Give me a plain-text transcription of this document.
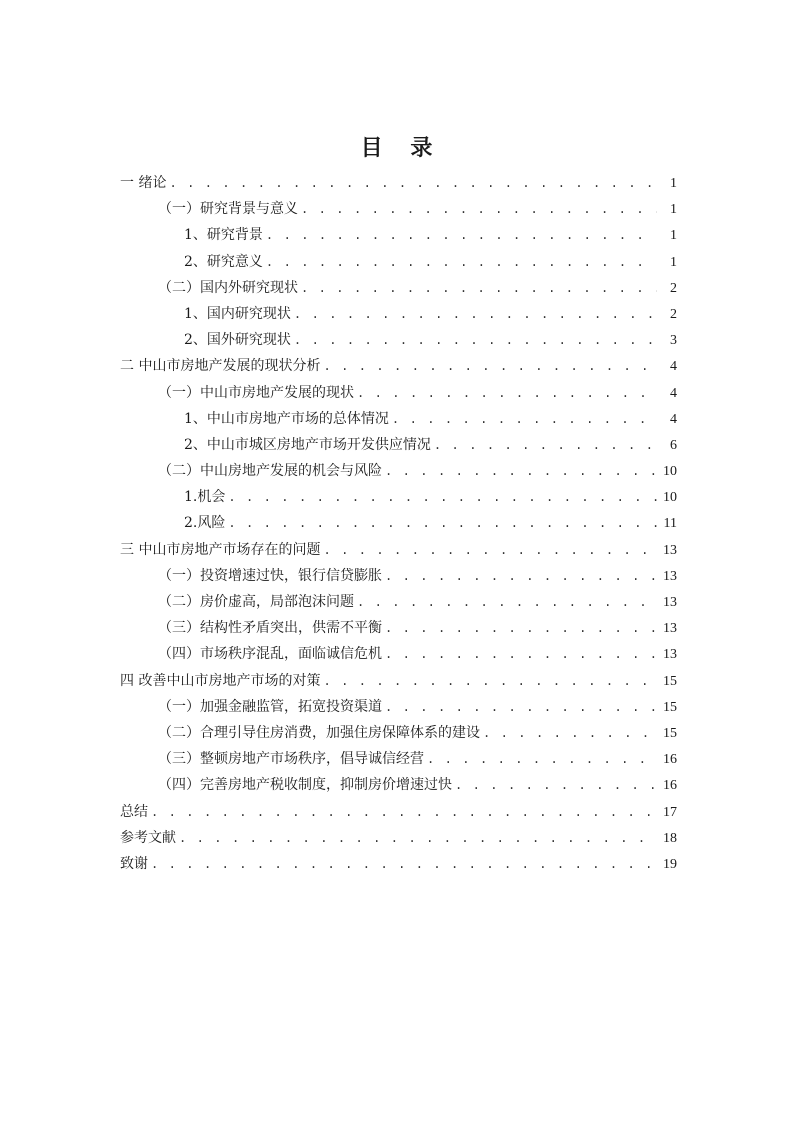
目 录
一 绪论 . . .	1
（一）研究背景与意义 . . .	1
1、研究背景 . . .	1
2、研究意义 . . .	1
（二）国内外研究现状 . . .	2
1、国内研究现状 . . .	2
2、国外研究现状 . . .	3
二 中山市房地产发展的现状分析 . . .	4
（一）中山市房地产发展的现状 . . .	4
1、中山市房地产市场的总体情况 . . .	4
2、中山市城区房地产市场开发供应情况 . . .	6
（二）中山房地产发展的机会与风险 . . .	10
1.机会 . . .	10
2.风险 . . .	11
三 中山市房地产市场存在的问题 . . .	13
（一）投资增速过快，银行信贷膨胀 . . .	13
（二）房价虚高，局部泡沫问题 . . .	13
（三）结构性矛盾突出，供需不平衡 . . .	13
（四）市场秩序混乱，面临诚信危机 . . .	13
四 改善中山市房地产市场的对策 . . .	15
（一）加强金融监管，拓宽投资渠道 . . .	15
（二）合理引导住房消费，加强住房保障体系的建设 . . .	15
（三）整顿房地产市场秩序，倡导诚信经营 . . .	16
（四）完善房地产税收制度，抑制房价增速过快 . . .	16
总结 . . .	17
参考文献 . . .	18
致谢 . . .	19
